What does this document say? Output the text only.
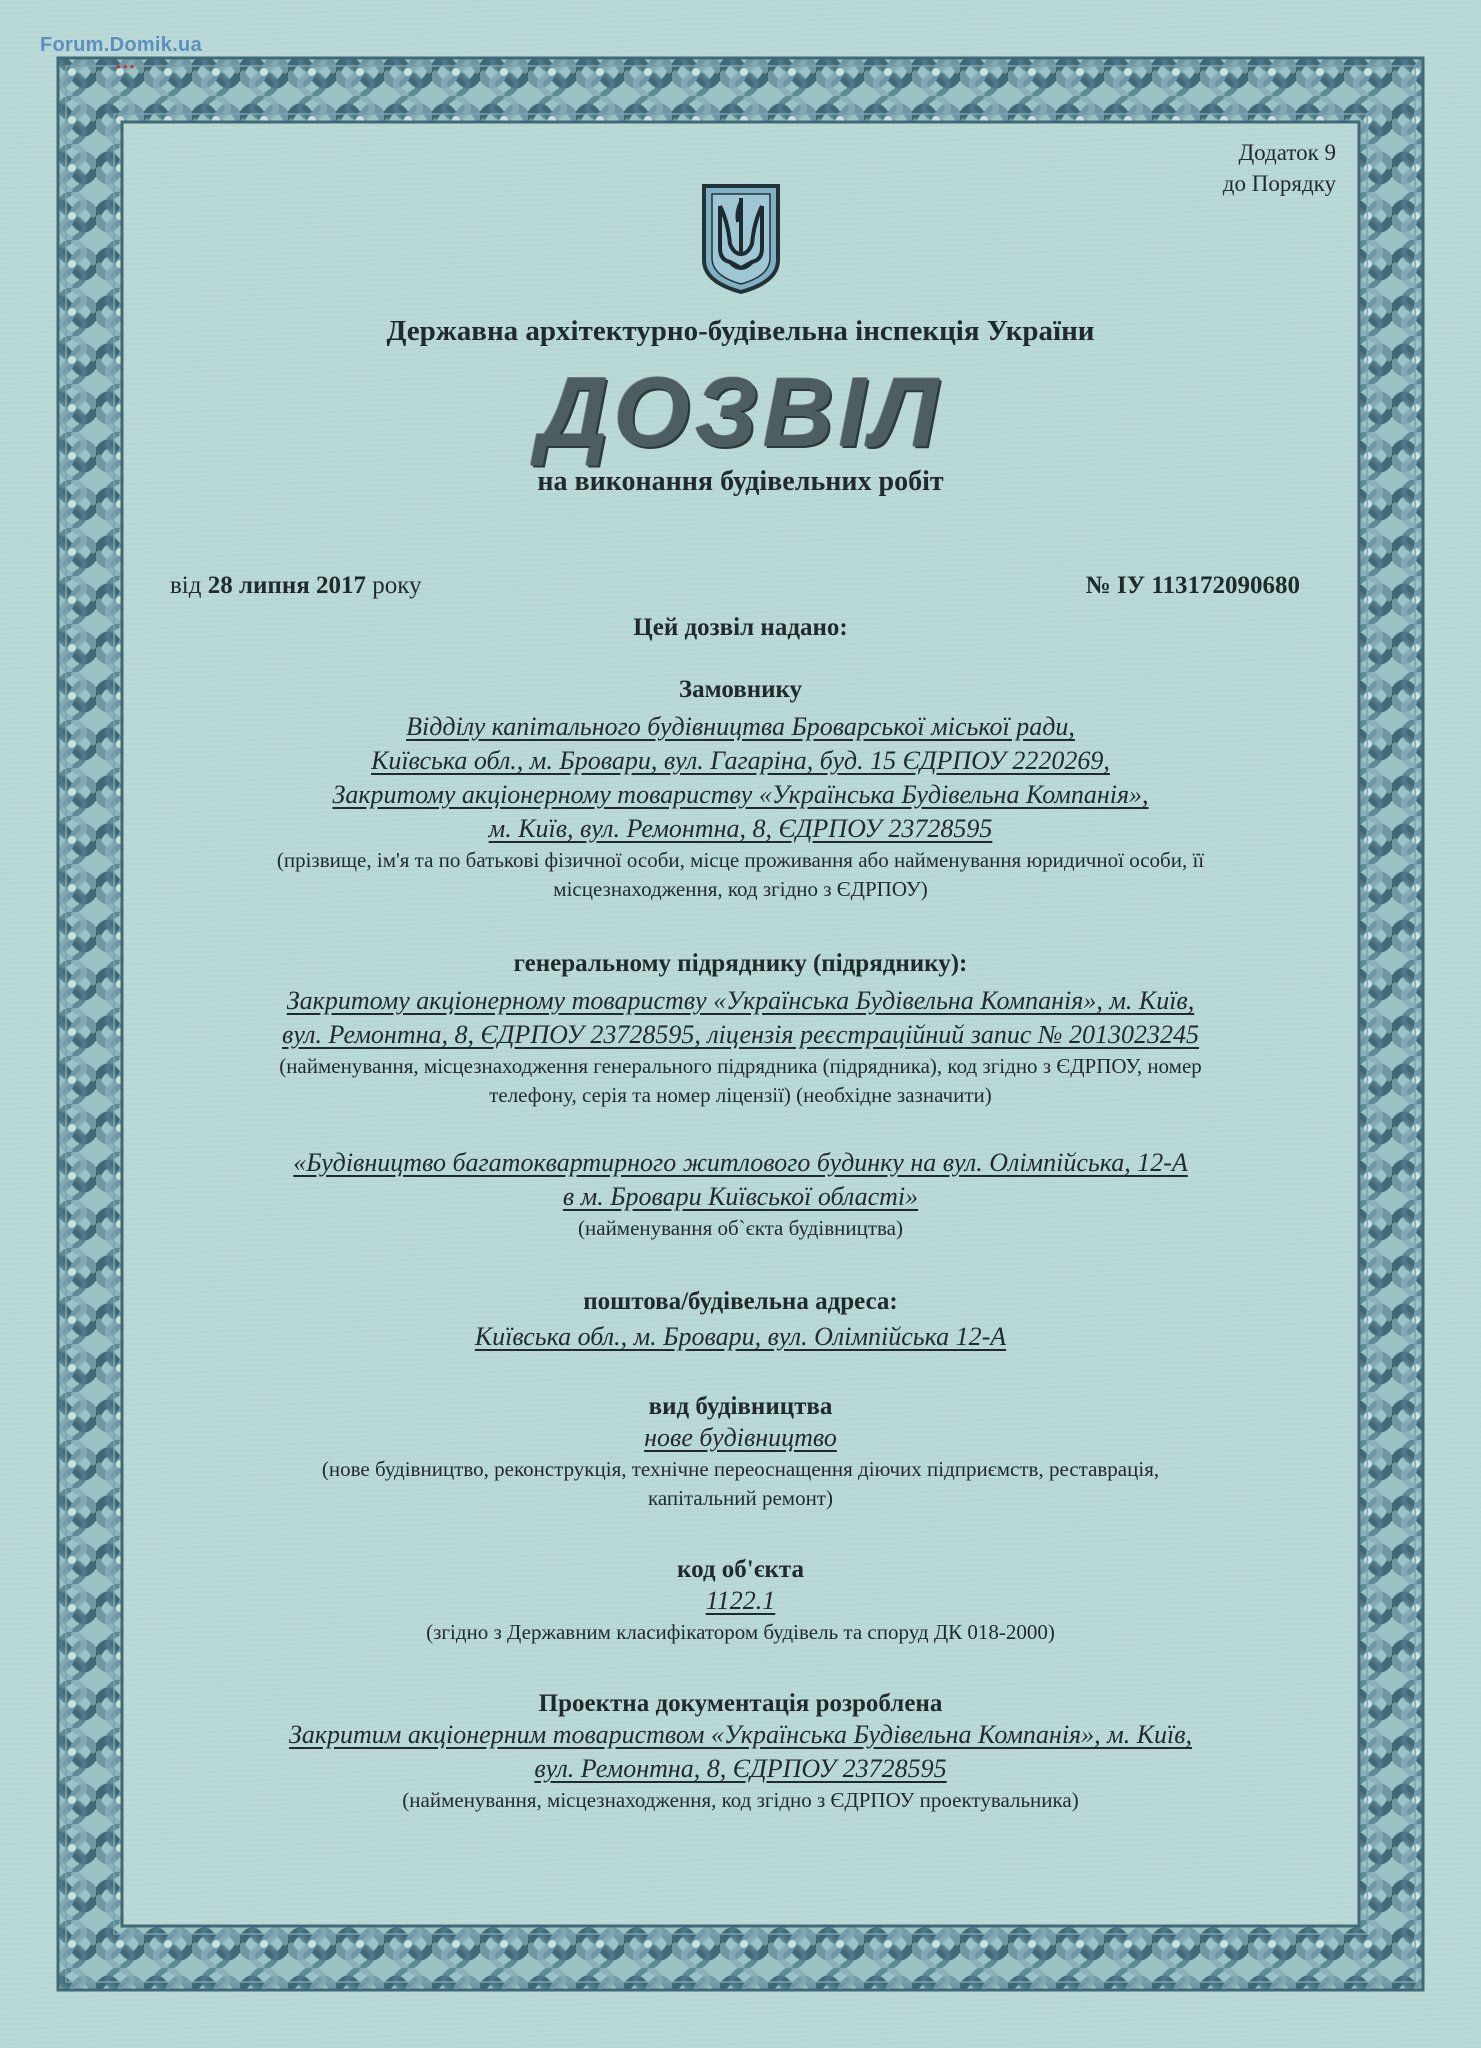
Forum.Domik.ua
● ● ●
Додаток 9
до Порядку
Державна архітектурно-будівельна інспекція України
ДОЗВІЛ
на виконання будівельних робіт
від 28 липня 2017 року	№ ІУ 113172090680
Цей дозвіл надано:
Замовнику
Відділу капітального будівництва Броварської міської ради,
Київська обл., м. Бровари, вул. Гагаріна, буд. 15 ЄДРПОУ 2220269,
Закритому акціонерному товариству «Українська Будівельна Компанія»,
м. Київ, вул. Ремонтна, 8, ЄДРПОУ 23728595
(прізвище, ім'я та по батькові фізичної особи, місце проживання або найменування юридичної особи, її
місцезнаходження, код згідно з ЄДРПОУ)
генеральному підряднику (підряднику):
Закритому акціонерному товариству «Українська Будівельна Компанія», м. Київ,
вул. Ремонтна, 8, ЄДРПОУ 23728595, ліцензія реєстраційний запис № 2013023245
(найменування, місцезнаходження генерального підрядника (підрядника), код згідно з ЄДРПОУ, номер
телефону, серія та номер ліцензії) (необхідне зазначити)
«Будівництво багатоквартирного житлового будинку на вул. Олімпійська, 12-А
в м. Бровари Київської області»
(найменування об`єкта будівництва)
поштова/будівельна адреса:
Київська обл., м. Бровари, вул. Олімпійська 12-А
вид будівництва
нове будівництво
(нове будівництво, реконструкція, технічне переоснащення діючих підприємств, реставрація,
капітальний ремонт)
код об'єкта
1122.1
(згідно з Державним класифікатором будівель та споруд ДК 018-2000)
Проектна документація розроблена
Закритим акціонерним товариством «Українська Будівельна Компанія», м. Київ,
вул. Ремонтна, 8, ЄДРПОУ 23728595
(найменування, місцезнаходження, код згідно з ЄДРПОУ проектувальника)
